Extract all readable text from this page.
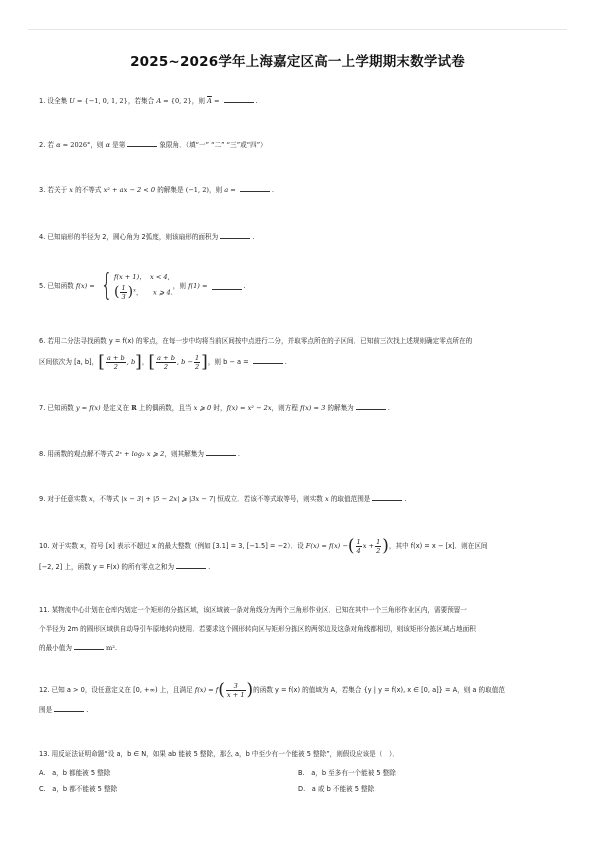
2025~2026学年上海嘉定区高一上学期期末数学试卷
1. 设全集 U = {−1, 0, 1, 2}，若集合 A = {0, 2}，则 $\overline{A}$ =	.
2. 若 α = 2026°，则 α 是第	象限角．（填“一” “二” “三”或“四”）
3. 若关于 x 的不等式 x² + ax − 2 < 0 的解集是 (−1, 2)，则 a =	.
4. 已知扇形的半径为 2，圆心角为 2弧度，则该扇形的面积为	.
5. 已知函数 f(x) = { f(x + 1)， x < 4,
( $\frac{1}{3} )^x$，     x ⩾ 4.
，则 f(1) =	.
6. 若用二分法寻找函数 y = f(x) 的零点，在每一步中均将当前区间按中点进行二分，并取零点所在的子区间．已知前三次找上述规则确定零点所在的
区间依次为 [a, b]，[ $\frac{a + b}{2}$ , b]，[ $\frac{a + b}{2}$ , $b - \frac{1}{2}$ ]，则 b − a =	.
7. 已知函数 y = f(x) 是定义在 R 上的偶函数，且当 x ⩾ 0 时，f(x) = x² − 2x，则方程 f(x) = 3 的解集为	.
8. 用函数的观点解不等式 2ˣ + log₂ x ⩾ 2，则其解集为	.
9. 对于任意实数 x，不等式 |x − 3| + |5 − 2x| ⩾ |3x − 7| 恒成立．若该不等式取等号，则实数 x 的取值范围是	.
10. 对于实数 x，符号 [x] 表示不超过 x 的最大整数（例如 [3.1] = 3, [−1.5] = −2）．设 F(x) = f(x) −( $\frac{1}{4}$ $x + \frac{1}{2}$ )，其中 f(x) = x − [x]．则在区间
[−2, 2] 上，函数 y = F(x) 的所有零点之和为	.
11. 某物流中心计划在仓库内划定一个矩形的分拣区域，该区域被一条对角线分为两个三角形作业区．已知在其中一个三角形作业区内，需要预留一
个半径为 2m 的圆形区域供自动导引车原地转向使用．若要求这个圆形转向区与矩形分拣区的两邻边及这条对角线都相切，则该矩形分拣区域占地面积
的最小值为	m².
12. 已知 a > 0，设任意定义在 [0, +∞) 上，且满足 $f(x) = f( \frac{3}{x + 1}$ )的函数 y = f(x) 的值域为 A，若集合 {y | y = f(x), x ∈ [0, a]} = A，则 a 的取值范
围是	.
13. 用反证法证明命题“设 a，b ∈ N，如果 ab 能被 5 整除，那么 a，b 中至少有一个能被 5 整除”，则假设应该是（　）．
A.　a，b 都能被 5 整除	B.　a，b 至多有一个能被 5 整除
C.　a，b 都不能被 5 整除	D.　a 或 b 不能被 5 整除
